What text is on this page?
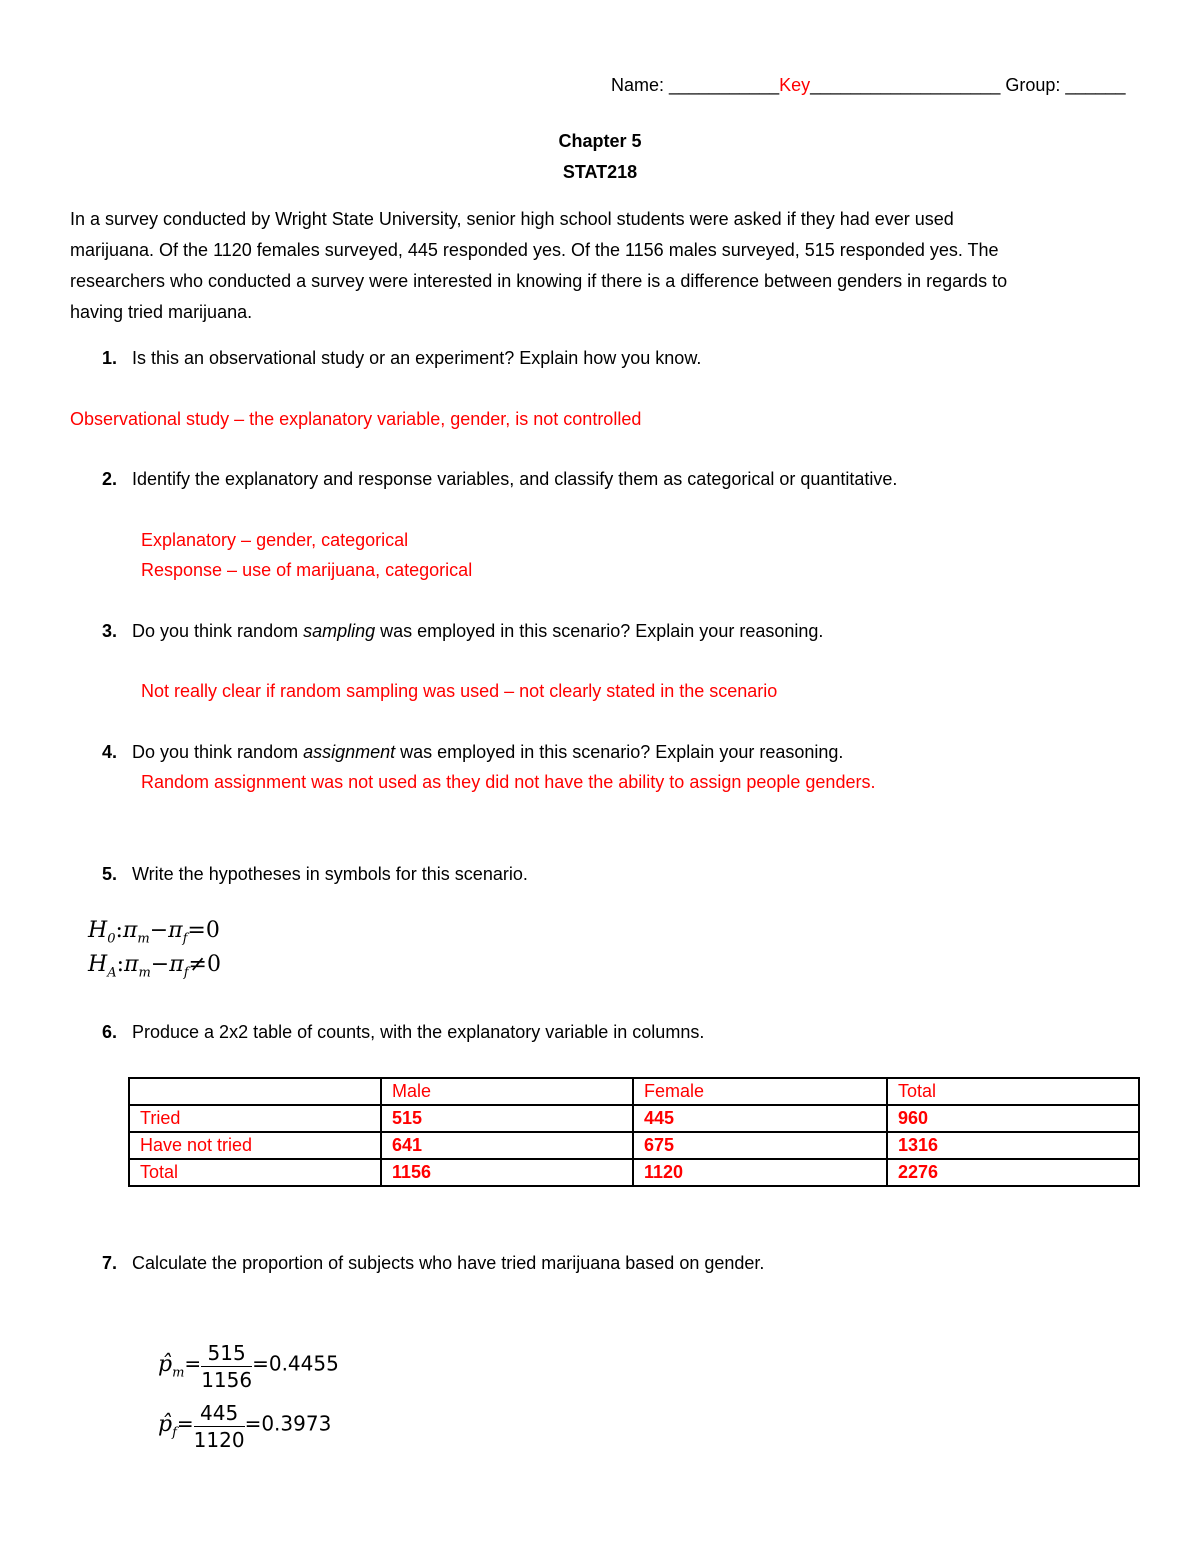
Name: ___________Key___________________ Group: ______
Chapter 5
STAT218
In a survey conducted by Wright State University, senior high school students were asked if they had ever used
marijuana. Of the 1120 females surveyed, 445 responded yes. Of the 1156 males surveyed, 515 responded yes. The
researchers who conducted a survey were interested in knowing if there is a difference between genders in regards to
having tried marijuana.
1. Is this an observational study or an experiment? Explain how you know.
Observational study – the explanatory variable, gender, is not controlled
2. Identify the explanatory and response variables, and classify them as categorical or quantitative.
Explanatory – gender, categorical
Response – use of marijuana, categorical
3. Do you think random sampling was employed in this scenario? Explain your reasoning.
Not really clear if random sampling was used – not clearly stated in the scenario
4. Do you think random assignment was employed in this scenario? Explain your reasoning.
Random assignment was not used as they did not have the ability to assign people genders.
5. Write the hypotheses in symbols for this scenario.
$H_0:\pi_m-\pi_f=0$
$H_A:\pi_m-\pi_f\ne 0$
6. Produce a 2x2 table of counts, with the explanatory variable in columns.
	Male	Female	Total
Tried	515	445	960
Have not tried	641	675	1316
Total	1156	1120	2276
7. Calculate the proportion of subjects who have tried marijuana based on gender.
$p̂_m= \frac{515}{1156} =0.4455$
$p̂_f= \frac{445}{1120} =0.3973$
